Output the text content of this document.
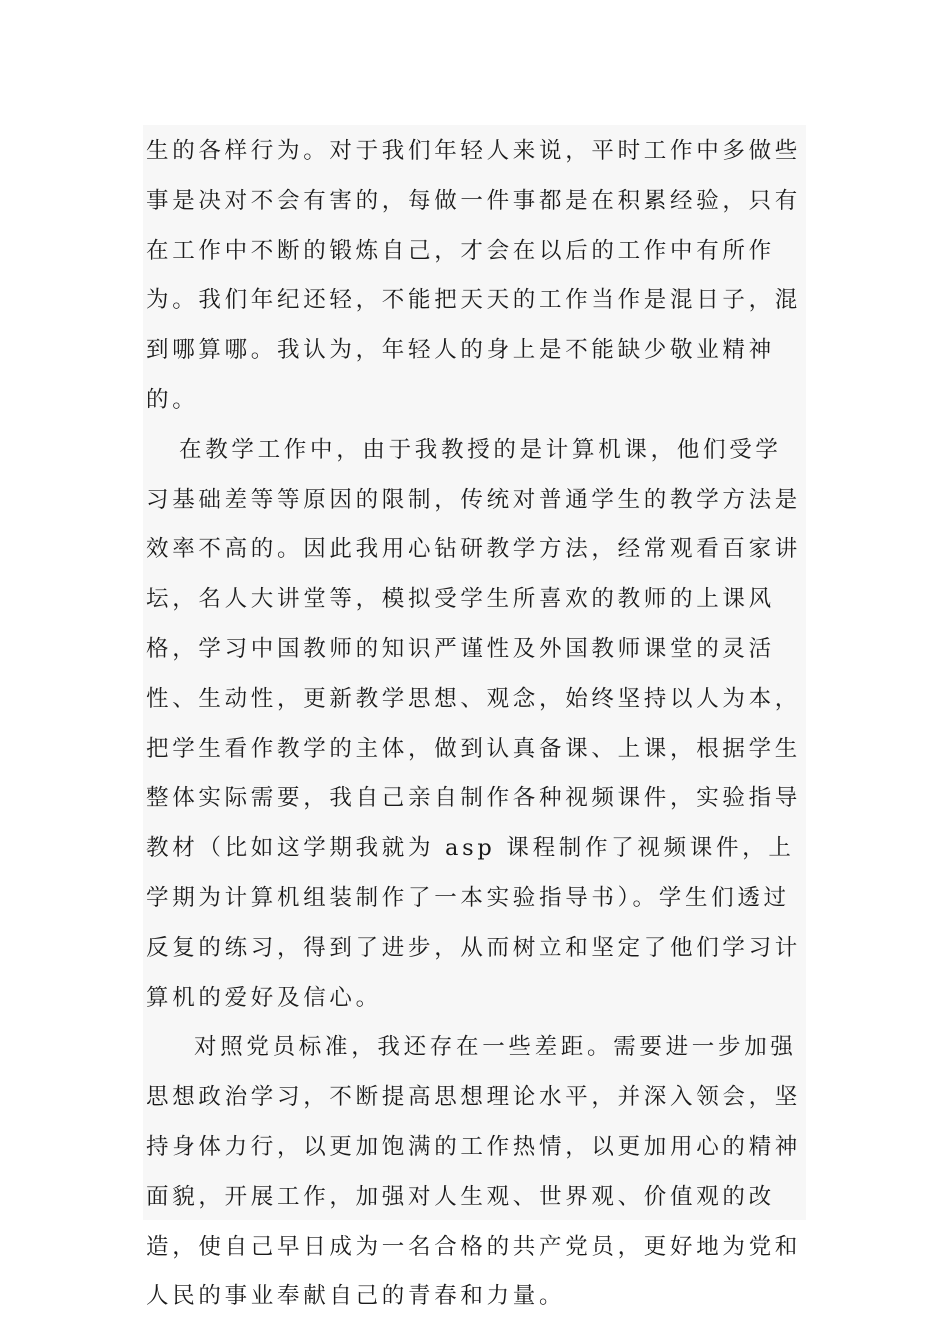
生的各样行为。对于我们年轻人来说，平时工作中多做些事是决对不会有害的，每做一件事都是在积累经验，只有在工作中不断的锻炼自己，才会在以后的工作中有所作为。我们年纪还轻，不能把天天的工作当作是混日子，混到哪算哪。我认为，年轻人的身上是不能缺少敬业精神的。

在教学工作中，由于我教授的是计算机课，他们受学习基础差等等原因的限制，传统对普通学生的教学方法是效率不高的。因此我用心钻研教学方法，经常观看百家讲坛，名人大讲堂等，模拟受学生所喜欢的教师的上课风格，学习中国教师的知识严谨性及外国教师课堂的灵活性、生动性，更新教学思想、观念，始终坚持以人为本，把学生看作教学的主体，做到认真备课、上课，根据学生整体实际需要，我自己亲自制作各种视频课件，实验指导教材（比如这学期我就为 asp 课程制作了视频课件，上学期为计算机组装制作了一本实验指导书）。学生们透过反复的练习，得到了进步，从而树立和坚定了他们学习计算机的爱好及信心。

对照党员标准，我还存在一些差距。需要进一步加强思想政治学习，不断提高思想理论水平，并深入领会，坚持身体力行，以更加饱满的工作热情，以更加用心的精神面貌，开展工作，加强对人生观、世界观、价值观的改造，使自己早日成为一名合格的共产党员，更好地为党和人民的事业奉献自己的青春和力量。
